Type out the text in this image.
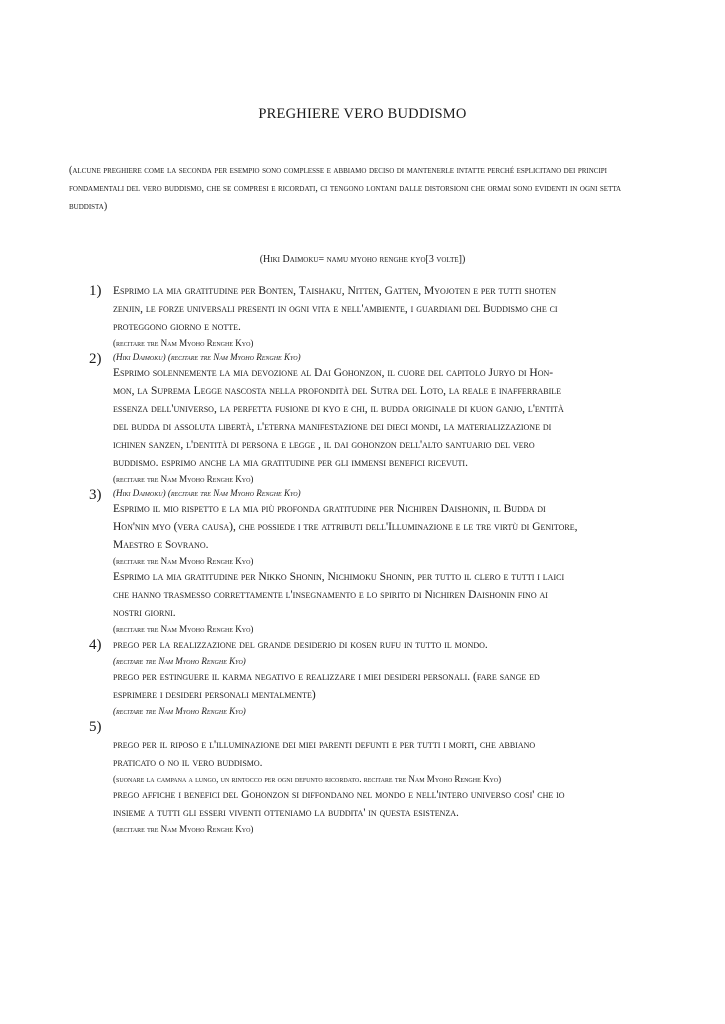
PREGHIERE VERO BUDDISMO
(alcune preghiere come la seconda per esempio sono complesse e abbiamo deciso di mantenerle intatte perché esplicitano dei principi fondamentali del vero buddismo, che se compresi e ricordati, ci tengono lontani dalle distorsioni che ormai sono evidenti in ogni setta buddista)
(Hiki Daimoku= namu myoho renghe kyo[3 volte])
1) Esprimo la mia gratitudine per Bonten, Taishaku, Nitten, Gatten, Myojoten e per tutti shoten
zenjin, le forze universali presenti in ogni vita e nell'ambiente, i guardiani del Buddismo che ci
proteggono giorno e notte.
(recitare tre Nam Myoho Renghe Kyo)
2) (Hiki Daimoku) (recitare tre Nam Myoho Renghe Kyo)
Esprimo solennemente la mia devozione al Dai Gohonzon, il cuore del capitolo Juryo di Hon-
mon, la Suprema Legge nascosta nella profondità del Sutra del Loto, la reale e inafferrabile
essenza dell'universo, la perfetta fusione di kyo e chi, il budda originale di kuon ganjo, l'entità
del budda di assoluta libertà, l'eterna manifestazione dei dieci mondi, la materializzazione di
ichinen sanzen, l'dentità di persona e legge , il dai gohonzon dell'alto santuario del vero
buddismo. esprimo anche la mia gratitudine per gli immensi benefici ricevuti.
(recitare tre Nam Myoho Renghe Kyo)
3) (Hiki Daimoku) (recitare tre Nam Myoho Renghe Kyo)
Esprimo il mio rispetto e la mia più profonda gratitudine per Nichiren Daishonin, il Budda di
Hon'nin myo (vera causa), che possiede i tre attributi dell'Illuminazione e le tre virtù di Genitore,
Maestro e Sovrano.
(recitare tre Nam Myoho Renghe Kyo)
Esprimo la mia gratitudine per Nikko Shonin, Nichimoku Shonin, per tutto il clero e tutti i laici
che hanno trasmesso correttamente l'insegnamento e lo spirito di Nichiren Daishonin fino ai
nostri giorni.
(recitare tre Nam Myoho Renghe Kyo)
4) prego per la realizzazione del grande desiderio di kosen rufu in tutto il mondo.
(recitare tre Nam Myoho Renghe Kyo)
prego per estinguere il karma negativo e realizzare i miei desideri personali. (fare sange ed
esprimere i desideri personali mentalmente)
(recitare tre Nam Myoho Renghe Kyo)
5)

prego per il riposo e l'illuminazione dei miei parenti defunti e per tutti i morti, che abbiano
praticato o no il vero buddismo.
(suonare la campana a lungo, un rintocco per ogni defunto ricordato. recitare tre Nam Myoho Renghe Kyo)
prego affiche i benefici del Gohonzon si diffondano nel mondo e nell'intero universo cosi' che io
insieme a tutti gli esseri viventi otteniamo la buddita' in questa esistenza.
(recitare tre Nam Myoho Renghe Kyo)
